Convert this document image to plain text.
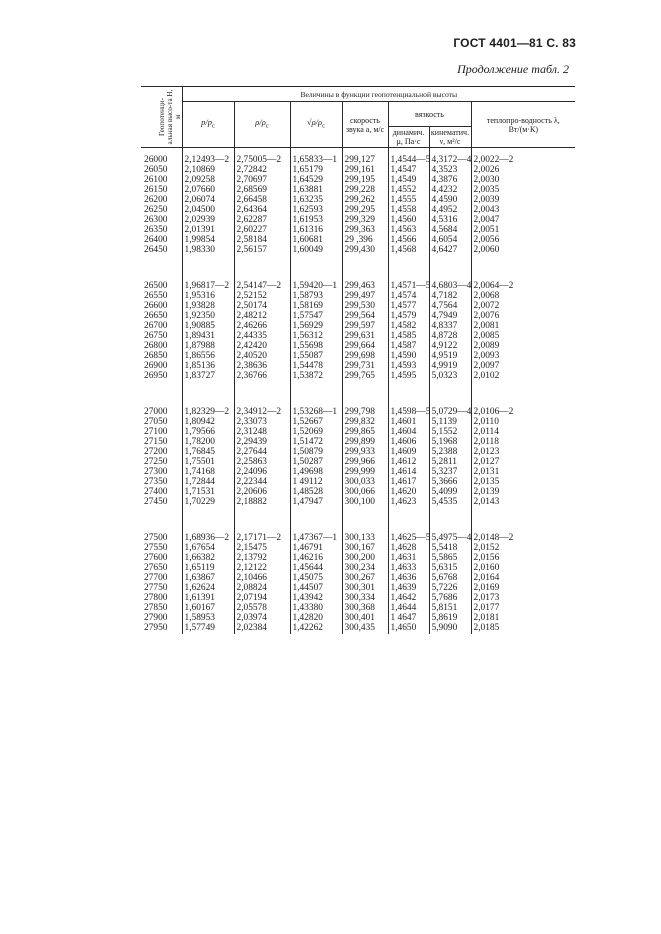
ГОСТ 4401—81 С. 83
Продолжение табл. 2
Геопотенци-альная высо-та H, м	Величины в функции геопотенциальной высоты						
	$p/p_c$	$\rho/\rho_c$	$√\rho/\rho_c$	скорость звука a, м/с	вязкость		теплопро-водность λ, Вт/(м·К)
					динамич. μ, Па·с	кинематич. ν, м²/с	
26000	2,12493—2	2,75005—2	1,65833—1	299,127	1,4544—5	4,3172—4	2,0022—2
26050	2,10869	2,72842	1,65179	299,161	1,4547	4,3523	2,0026
26100	2,09258	2,70697	1,64529	299,195	1,4549	4,3876	2,0030
26150	2,07660	2,68569	1,63881	299,228	1,4552	4,4232	2,0035
26200	2,06074	2,66458	1,63235	299,262	1,4555	4,4590	2,0039
26250	2,04500	2,64364	1,62593	299,295	1,4558	4,4952	2,0043
26300	2,02939	2,62287	1,61953	299,329	1,4560	4,5316	2,0047
26350	2,01391	2,60227	1,61316	299,363	1,4563	4,5684	2,0051
26400	1,99854	2,58184	1,60681	29 ,396	1,4566	4,6054	2,0056
26450	1,98330	2,56157	1,60049	299,430	1,4568	4,6427	2,0060

26500	1,96817—2	2,54147—2	1,59420—1	299,463	1,4571—5	4,6803—4	2,0064—2
26550	1,95316	2,52152	1,58793	299,497	1,4574	4,7182	2,0068
26600	1,93828	2,50174	1,58169	299,530	1,4577	4,7564	2,0072
26650	1,92350	2,48212	1,57547	299,564	1,4579	4,7949	2,0076
26700	1,90885	2,46266	1,56929	299,597	1,4582	4,8337	2,0081
26750	1,89431	2,44335	1,56312	299,631	1,4585	4,8728	2,0085
26800	1,87988	2,42420	1,55698	299,664	1,4587	4,9122	2,0089
26850	1,86556	2,40520	1,55087	299,698	1,4590	4,9519	2,0093
26900	1,85136	2,38636	1,54478	299,731	1,4593	4,9919	2,0097
26950	1,83727	2,36766	1,53872	299,765	1,4595	5,0323	2,0102

27000	1,82329—2	2,34912—2	1,53268—1	299,798	1,4598—5	5,0729—4	2,0106—2
27050	1,80942	2,33073	1,52667	299,832	1,4601	5,1139	2,0110
27100	1,79566	2,31248	1,52069	299,865	1,4604	5,1552	2,0114
27150	1,78200	2,29439	1,51472	299,899	1,4606	5,1968	2,0118
27200	1,76845	2,27644	1,50879	299,933	1,4609	5,2388	2,0123
27250	1,75501	2,25863	1,50287	299,966	1,4612	5,2811	2,0127
27300	1,74168	2,24096	1,49698	299,999	1,4614	5,3237	2,0131
27350	1,72844	2,22344	1 49112	300,033	1,4617	5,3666	2,0135
27400	1,71531	2,20606	1,48528	300,066	1,4620	5,4099	2,0139
27450	1,70229	2,18882	1,47947	300,100	1,4623	5,4535	2,0143

27500	1,68936—2	2,17171—2	1,47367—1	300,133	1,4625—5	5,4975—4	2,0148—2
27550	1,67654	2,15475	1,46791	300,167	1,4628	5,5418	2,0152
27600	1,66382	2,13792	1,46216	300,200	1,4631	5,5865	2,0156
27650	1,65119	2,12122	1,45644	300,234	1,4633	5,6315	2,0160
27700	1,63867	2,10466	1,45075	300,267	1,4636	5,6768	2,0164
27750	1,62624	2,08824	1,44507	300,301	1,4639	5,7226	2,0169
27800	1,61391	2,07194	1,43942	300,334	1,4642	5,7686	2,0173
27850	1,60167	2,05578	1,43380	300,368	1,4644	5,8151	2,0177
27900	1,58953	2,03974	1,42820	300,401	1 4647	5,8619	2,0181
27950	1,57749	2,02384	1,42262	300,435	1,4650	5,9090	2,0185
